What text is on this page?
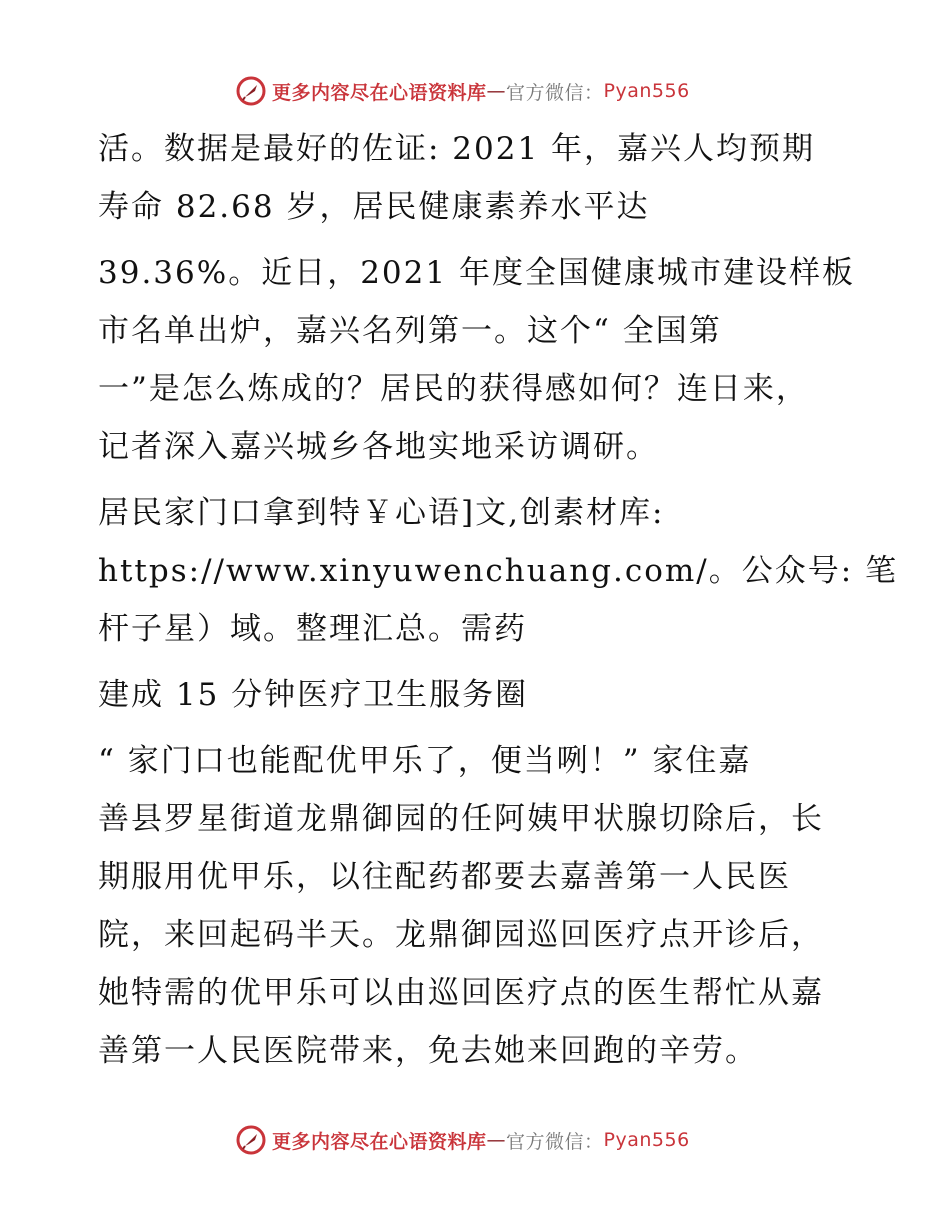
更多内容尽在心语资料库 — 官方微信： Pyan556

活。数据是最好的佐证: 2021 年，嘉兴人均预期

寿命 82.68 岁，居民健康素养水平达

39.36%。近日，2021 年度全国健康城市建设样板

市名单出炉，嘉兴名列第一。这个“ 全国第

一”是怎么炼成的？居民的获得感如何？连日来，

记者深入嘉兴城乡各地实地采访调研。

居民家门口拿到特￥心语]文,创素材库:

https://www.xinyuwenchuang.com/。公众号: 笔

杆子星）域。整理汇总。需药

建成 15 分钟医疗卫生服务圈

“ 家门口也能配优甲乐了，便当咧！” 家住嘉

善县罗星街道龙鼎御园的任阿姨甲状腺切除后，长

期服用优甲乐，以往配药都要去嘉善第一人民医

院，来回起码半天。龙鼎御园巡回医疗点开诊后，

她特需的优甲乐可以由巡回医疗点的医生帮忙从嘉

善第一人民医院带来，免去她来回跑的辛劳。

更多内容尽在心语资料库 — 官方微信： Pyan556
